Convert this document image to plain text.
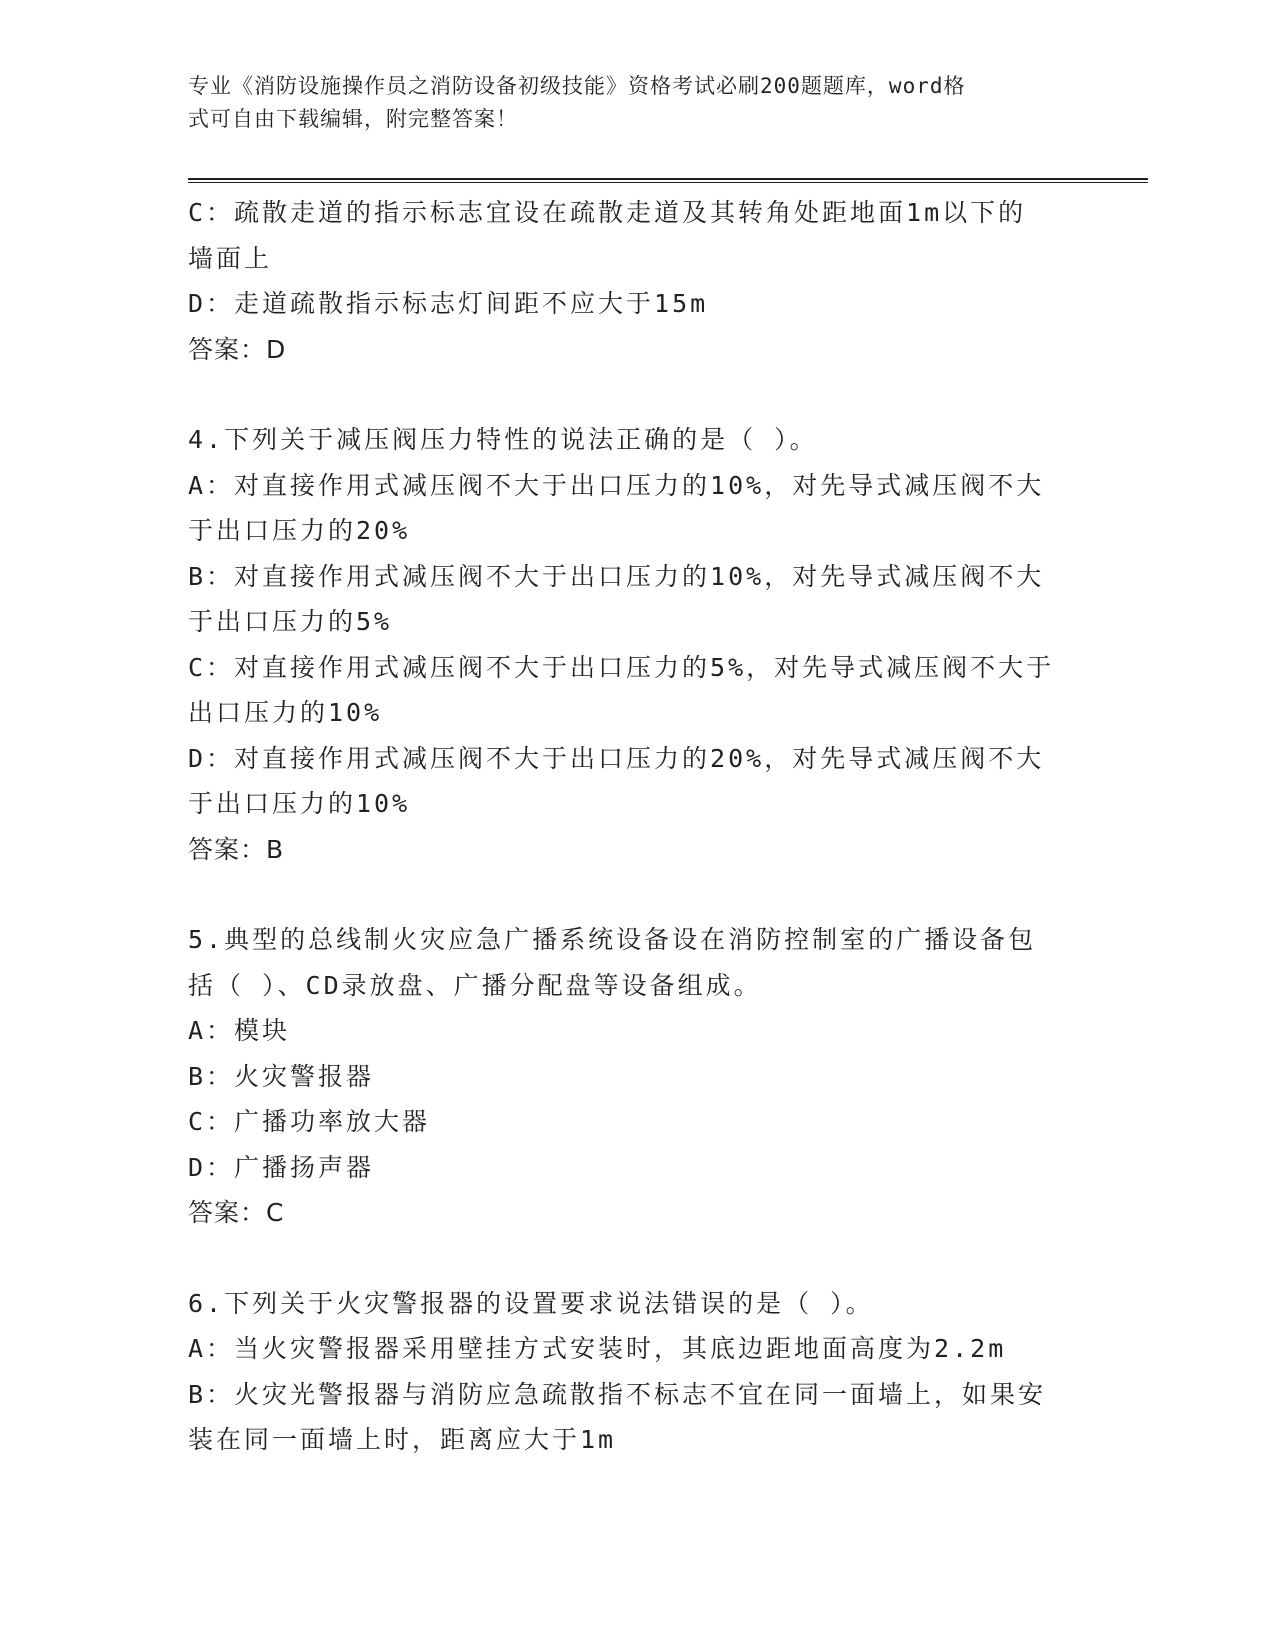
专业《消防设施操作员之消防设备初级技能》资格考试必刷200题题库，word格
式可自由下载编辑，附完整答案！
C：疏散走道的指示标志宜设在疏散走道及其转角处距地面1m以下的
墙面上
D：走道疏散指示标志灯间距不应大于15m
答案：D
4.下列关于减压阀压力特性的说法正确的是（ ）。
A：对直接作用式减压阀不大于出口压力的10%，对先导式减压阀不大
于出口压力的20%
B：对直接作用式减压阀不大于出口压力的10%，对先导式减压阀不大
于出口压力的5%
C：对直接作用式减压阀不大于出口压力的5%，对先导式减压阀不大于
出口压力的10%
D：对直接作用式减压阀不大于出口压力的20%，对先导式减压阀不大
于出口压力的10%
答案：B
5.典型的总线制火灾应急广播系统设备设在消防控制室的广播设备包
括（ ）、CD录放盘、广播分配盘等设备组成。
A：模块
B：火灾警报器
C：广播功率放大器
D：广播扬声器
答案：C
6.下列关于火灾警报器的设置要求说法错误的是（ ）。
A：当火灾警报器采用壁挂方式安装时，其底边距地面高度为2.2m
B：火灾光警报器与消防应急疏散指不标志不宜在同一面墙上，如果安
装在同一面墙上时，距离应大于1m
